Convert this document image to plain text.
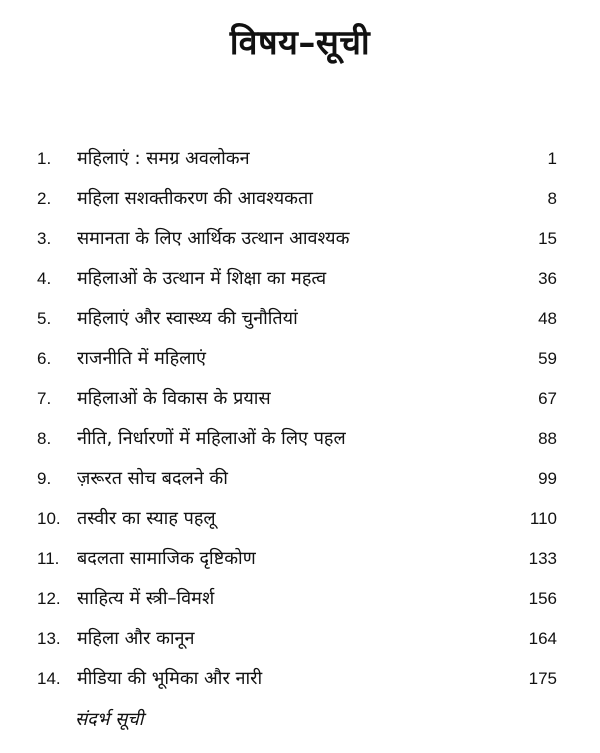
विषय–सूची
1. महिलाएं : समग्र अवलोकन	1
2. महिला सशक्तीकरण की आवश्यकता	8
3. समानता के लिए आर्थिक उत्थान आवश्यक	15
4. महिलाओं के उत्थान में शिक्षा का महत्व	36
5. महिलाएं और स्वास्थ्य की चुनौतियां	48
6. राजनीति में महिलाएं	59
7. महिलाओं के विकास के प्रयास	67
8. नीति, निर्धारणों में महिलाओं के लिए पहल	88
9. ज़रूरत सोच बदलने की	99
10. तस्वीर का स्याह पहलू	110
11. बदलता सामाजिक दृष्टिकोण	133
12. साहित्य में स्त्री–विमर्श	156
13. महिला और कानून	164
14. मीडिया की भूमिका और नारी	175
संदर्भ सूची
